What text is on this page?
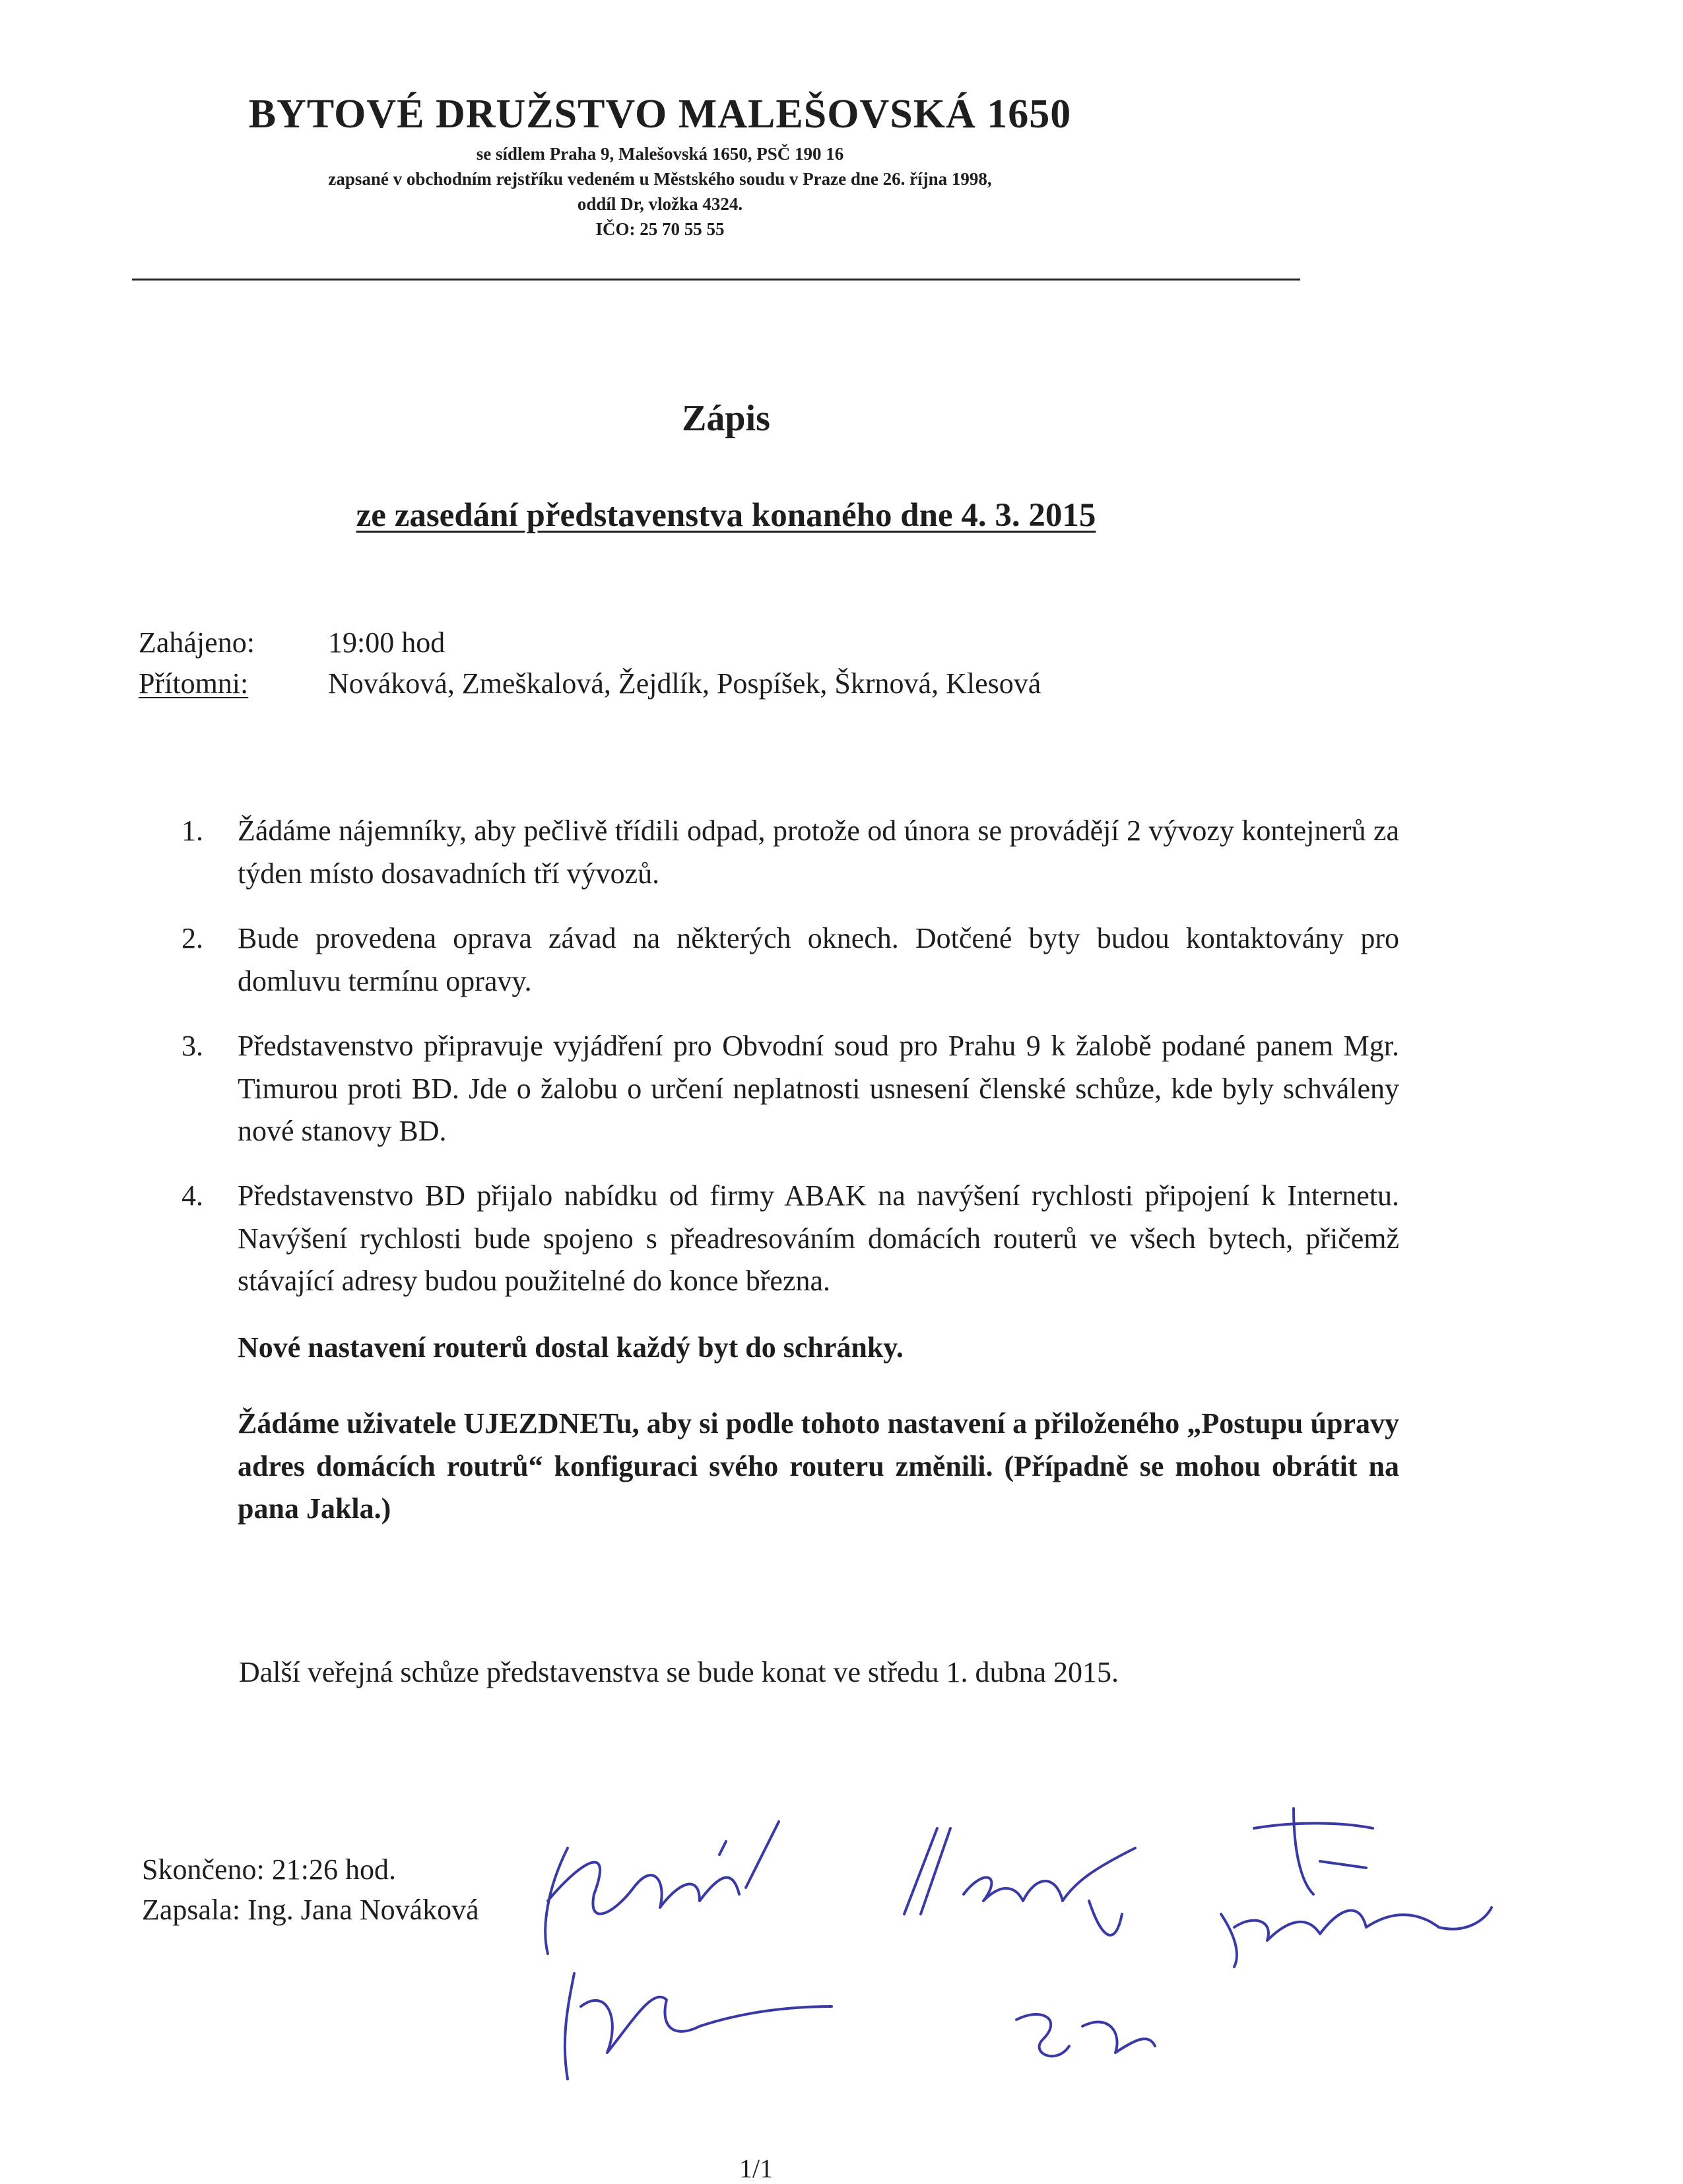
BYTOVÉ DRUŽSTVO MALEŠOVSKÁ 1650
se sídlem Praha 9, Malešovská 1650, PSČ 190 16
zapsané v obchodním rejstříku vedeném u Městského soudu v Praze dne 26. října 1998,
oddíl Dr, vložka 4324.
IČO: 25 70 55 55
Zápis
ze zasedání představenstva konaného dne 4. 3. 2015
Zahájeno:	19:00 hod
Přítomni:	Nováková, Zmeškalová, Žejdlík, Pospíšek, Škrnová, Klesová
1. Žádáme nájemníky, aby pečlivě třídili odpad, protože od února se provádějí 2 vývozy kontejnerů za týden místo dosavadních tří vývozů.
2. Bude provedena oprava závad na některých oknech. Dotčené byty budou kontaktovány pro domluvu termínu opravy.
3. Představenstvo připravuje vyjádření pro Obvodní soud pro Prahu 9 k žalobě podané panem Mgr. Timurou proti BD. Jde o žalobu o určení neplatnosti usnesení členské schůze, kde byly schváleny nové stanovy BD.
4. Představenstvo BD přijalo nabídku od firmy ABAK na navýšení rychlosti připojení k Internetu. Navýšení rychlosti bude spojeno s přeadresováním domácích routerů ve všech bytech, přičemž stávající adresy budou použitelné do konce března.
Nové nastavení routerů dostal každý byt do schránky.
Žádáme uživatele UJEZDNETu, aby si podle tohoto nastavení a přiloženého „Postupu úpravy adres domácích routrů“ konfiguraci svého routeru změnili. (Případně se mohou obrátit na pana Jakla.)
Další veřejná schůze představenstva se bude konat ve středu 1. dubna 2015.
Skončeno: 21:26 hod.
Zapsala: Ing. Jana Nováková
1/1
